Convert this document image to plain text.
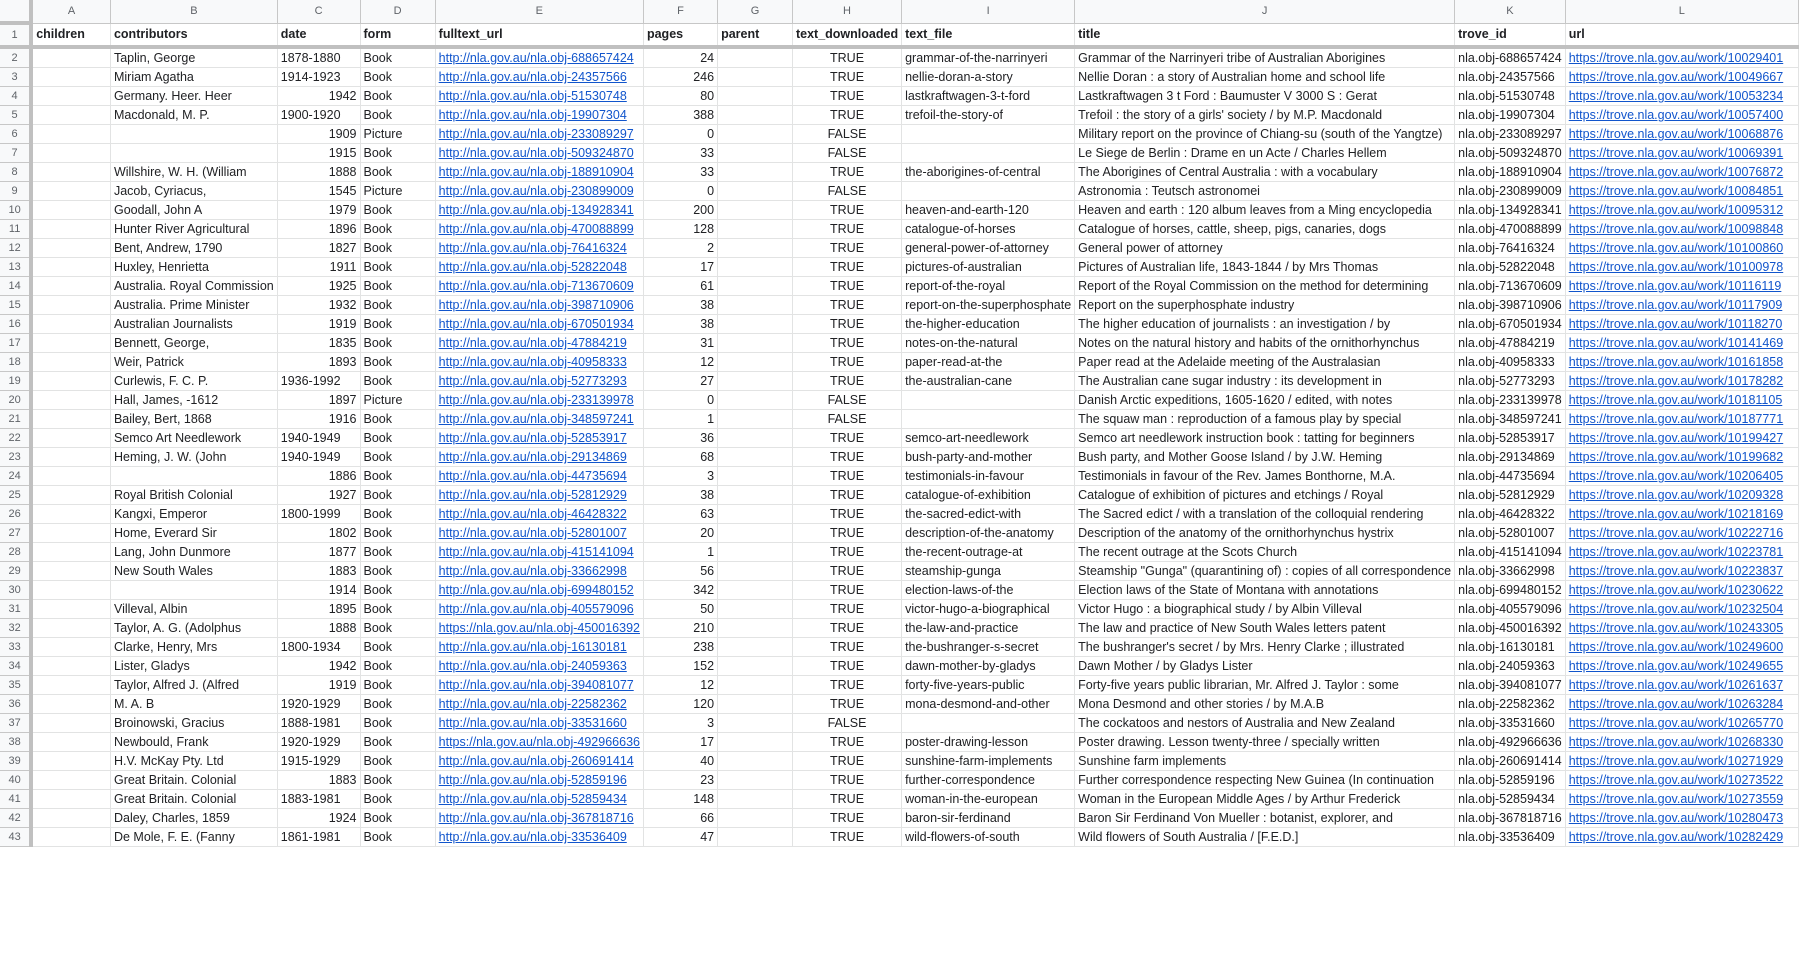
	A	B	C	D	E	F	G	H	I	J	K	L
1	children	contributors	date	form	fulltext_url	pages	parent	text_downloaded	text_file	title	trove_id	url
2		Taplin, George	1878-1880	Book	http://nla.gov.au/nla.obj-688657424	24		TRUE	grammar-of-the-narrinyeri	Grammar of the Narrinyeri tribe of Australian Aborigines	nla.obj-688657424	https://trove.nla.gov.au/work/10029401
3		Miriam Agatha	1914-1923	Book	http://nla.gov.au/nla.obj-24357566	246		TRUE	nellie-doran-a-story	Nellie Doran : a story of Australian home and school life	nla.obj-24357566	https://trove.nla.gov.au/work/10049667
4		Germany. Heer. Heer	1942	Book	http://nla.gov.au/nla.obj-51530748	80		TRUE	lastkraftwagen-3-t-ford	Lastkraftwagen 3 t Ford : Baumuster V 3000 S : Gerat	nla.obj-51530748	https://trove.nla.gov.au/work/10053234
5		Macdonald, M. P.	1900-1920	Book	http://nla.gov.au/nla.obj-19907304	388		TRUE	trefoil-the-story-of	Trefoil : the story of a girls' society / by M.P. Macdonald	nla.obj-19907304	https://trove.nla.gov.au/work/10057400
6			1909	Picture	http://nla.gov.au/nla.obj-233089297	0		FALSE		Military report on the province of Chiang-su (south of the Yangtze)	nla.obj-233089297	https://trove.nla.gov.au/work/10068876
7			1915	Book	http://nla.gov.au/nla.obj-509324870	33		FALSE		Le Siege de Berlin : Drame en un Acte / Charles Hellem	nla.obj-509324870	https://trove.nla.gov.au/work/10069391
8		Willshire, W. H. (William	1888	Book	http://nla.gov.au/nla.obj-188910904	33		TRUE	the-aborigines-of-central	The Aborigines of Central Australia : with a vocabulary	nla.obj-188910904	https://trove.nla.gov.au/work/10076872
9		Jacob, Cyriacus,	1545	Picture	http://nla.gov.au/nla.obj-230899009	0		FALSE		Astronomia : Teutsch astronomei	nla.obj-230899009	https://trove.nla.gov.au/work/10084851
10		Goodall, John A	1979	Book	http://nla.gov.au/nla.obj-134928341	200		TRUE	heaven-and-earth-120	Heaven and earth : 120 album leaves from a Ming encyclopedia	nla.obj-134928341	https://trove.nla.gov.au/work/10095312
11		Hunter River Agricultural	1896	Book	http://nla.gov.au/nla.obj-470088899	128		TRUE	catalogue-of-horses	Catalogue of horses, cattle, sheep, pigs, canaries, dogs	nla.obj-470088899	https://trove.nla.gov.au/work/10098848
12		Bent, Andrew, 1790	1827	Book	http://nla.gov.au/nla.obj-76416324	2		TRUE	general-power-of-attorney	General power of attorney	nla.obj-76416324	https://trove.nla.gov.au/work/10100860
13		Huxley, Henrietta	1911	Book	http://nla.gov.au/nla.obj-52822048	17		TRUE	pictures-of-australian	Pictures of Australian life, 1843-1844 / by Mrs Thomas	nla.obj-52822048	https://trove.nla.gov.au/work/10100978
14		Australia. Royal Commission	1925	Book	http://nla.gov.au/nla.obj-713670609	61		TRUE	report-of-the-royal	Report of the Royal Commission on the method for determining	nla.obj-713670609	https://trove.nla.gov.au/work/10116119
15		Australia. Prime Minister	1932	Book	http://nla.gov.au/nla.obj-398710906	38		TRUE	report-on-the-superphosphate	Report on the superphosphate industry	nla.obj-398710906	https://trove.nla.gov.au/work/10117909
16		Australian Journalists	1919	Book	http://nla.gov.au/nla.obj-670501934	38		TRUE	the-higher-education	The higher education of journalists : an investigation / by	nla.obj-670501934	https://trove.nla.gov.au/work/10118270
17		Bennett, George,	1835	Book	http://nla.gov.au/nla.obj-47884219	31		TRUE	notes-on-the-natural	Notes on the natural history and habits of the ornithorhynchus	nla.obj-47884219	https://trove.nla.gov.au/work/10141469
18		Weir, Patrick	1893	Book	http://nla.gov.au/nla.obj-40958333	12		TRUE	paper-read-at-the	Paper read at the Adelaide meeting of the Australasian	nla.obj-40958333	https://trove.nla.gov.au/work/10161858
19		Curlewis, F. C. P.	1936-1992	Book	http://nla.gov.au/nla.obj-52773293	27		TRUE	the-australian-cane	The Australian cane sugar industry : its development in	nla.obj-52773293	https://trove.nla.gov.au/work/10178282
20		Hall, James, -1612	1897	Picture	http://nla.gov.au/nla.obj-233139978	0		FALSE		Danish Arctic expeditions, 1605-1620 / edited, with notes	nla.obj-233139978	https://trove.nla.gov.au/work/10181105
21		Bailey, Bert, 1868	1916	Book	http://nla.gov.au/nla.obj-348597241	1		FALSE		The squaw man : reproduction of a famous play by special	nla.obj-348597241	https://trove.nla.gov.au/work/10187771
22		Semco Art Needlework	1940-1949	Book	http://nla.gov.au/nla.obj-52853917	36		TRUE	semco-art-needlework	Semco art needlework instruction book : tatting for beginners	nla.obj-52853917	https://trove.nla.gov.au/work/10199427
23		Heming, J. W. (John	1940-1949	Book	http://nla.gov.au/nla.obj-29134869	68		TRUE	bush-party-and-mother	Bush party, and Mother Goose Island / by J.W. Heming	nla.obj-29134869	https://trove.nla.gov.au/work/10199682
24			1886	Book	http://nla.gov.au/nla.obj-44735694	3		TRUE	testimonials-in-favour	Testimonials in favour of the Rev. James Bonthorne, M.A.	nla.obj-44735694	https://trove.nla.gov.au/work/10206405
25		Royal British Colonial	1927	Book	http://nla.gov.au/nla.obj-52812929	38		TRUE	catalogue-of-exhibition	Catalogue of exhibition of pictures and etchings / Royal	nla.obj-52812929	https://trove.nla.gov.au/work/10209328
26		Kangxi, Emperor	1800-1999	Book	http://nla.gov.au/nla.obj-46428322	63		TRUE	the-sacred-edict-with	The Sacred edict / with a translation of the colloquial rendering	nla.obj-46428322	https://trove.nla.gov.au/work/10218169
27		Home, Everard Sir	1802	Book	http://nla.gov.au/nla.obj-52801007	20		TRUE	description-of-the-anatomy	Description of the anatomy of the ornithorhynchus hystrix	nla.obj-52801007	https://trove.nla.gov.au/work/10222716
28		Lang, John Dunmore	1877	Book	http://nla.gov.au/nla.obj-415141094	1		TRUE	the-recent-outrage-at	The recent outrage at the Scots Church	nla.obj-415141094	https://trove.nla.gov.au/work/10223781
29		New South Wales	1883	Book	http://nla.gov.au/nla.obj-33662998	56		TRUE	steamship-gunga	Steamship "Gunga" (quarantining of) : copies of all correspondence	nla.obj-33662998	https://trove.nla.gov.au/work/10223837
30			1914	Book	http://nla.gov.au/nla.obj-699480152	342		TRUE	election-laws-of-the	Election laws of the State of Montana with annotations	nla.obj-699480152	https://trove.nla.gov.au/work/10230622
31		Villeval, Albin	1895	Book	http://nla.gov.au/nla.obj-405579096	50		TRUE	victor-hugo-a-biographical	Victor Hugo : a biographical study / by Albin Villeval	nla.obj-405579096	https://trove.nla.gov.au/work/10232504
32		Taylor, A. G. (Adolphus	1888	Book	https://nla.gov.au/nla.obj-450016392	210		TRUE	the-law-and-practice	The law and practice of New South Wales letters patent	nla.obj-450016392	https://trove.nla.gov.au/work/10243305
33		Clarke, Henry, Mrs	1800-1934	Book	http://nla.gov.au/nla.obj-16130181	238		TRUE	the-bushranger-s-secret	The bushranger's secret / by Mrs. Henry Clarke ; illustrated	nla.obj-16130181	https://trove.nla.gov.au/work/10249600
34		Lister, Gladys	1942	Book	http://nla.gov.au/nla.obj-24059363	152		TRUE	dawn-mother-by-gladys	Dawn Mother / by Gladys Lister	nla.obj-24059363	https://trove.nla.gov.au/work/10249655
35		Taylor, Alfred J. (Alfred	1919	Book	http://nla.gov.au/nla.obj-394081077	12		TRUE	forty-five-years-public	Forty-five years public librarian, Mr. Alfred J. Taylor : some	nla.obj-394081077	https://trove.nla.gov.au/work/10261637
36		M. A. B	1920-1929	Book	http://nla.gov.au/nla.obj-22582362	120		TRUE	mona-desmond-and-other	Mona Desmond and other stories / by M.A.B	nla.obj-22582362	https://trove.nla.gov.au/work/10263284
37		Broinowski, Gracius	1888-1981	Book	http://nla.gov.au/nla.obj-33531660	3		FALSE		The cockatoos and nestors of Australia and New Zealand	nla.obj-33531660	https://trove.nla.gov.au/work/10265770
38		Newbould, Frank	1920-1929	Book	https://nla.gov.au/nla.obj-492966636	17		TRUE	poster-drawing-lesson	Poster drawing. Lesson twenty-three / specially written	nla.obj-492966636	https://trove.nla.gov.au/work/10268330
39		H.V. McKay Pty. Ltd	1915-1929	Book	http://nla.gov.au/nla.obj-260691414	40		TRUE	sunshine-farm-implements	Sunshine farm implements	nla.obj-260691414	https://trove.nla.gov.au/work/10271929
40		Great Britain. Colonial	1883	Book	http://nla.gov.au/nla.obj-52859196	23		TRUE	further-correspondence	Further correspondence respecting New Guinea (In continuation	nla.obj-52859196	https://trove.nla.gov.au/work/10273522
41		Great Britain. Colonial	1883-1981	Book	http://nla.gov.au/nla.obj-52859434	148		TRUE	woman-in-the-european	Woman in the European Middle Ages / by Arthur Frederick	nla.obj-52859434	https://trove.nla.gov.au/work/10273559
42		Daley, Charles, 1859	1924	Book	http://nla.gov.au/nla.obj-367818716	66		TRUE	baron-sir-ferdinand	Baron Sir Ferdinand Von Mueller : botanist, explorer, and	nla.obj-367818716	https://trove.nla.gov.au/work/10280473
43		De Mole, F. E. (Fanny	1861-1981	Book	http://nla.gov.au/nla.obj-33536409	47		TRUE	wild-flowers-of-south	Wild flowers of South Australia / [F.E.D.]	nla.obj-33536409	https://trove.nla.gov.au/work/10282429
